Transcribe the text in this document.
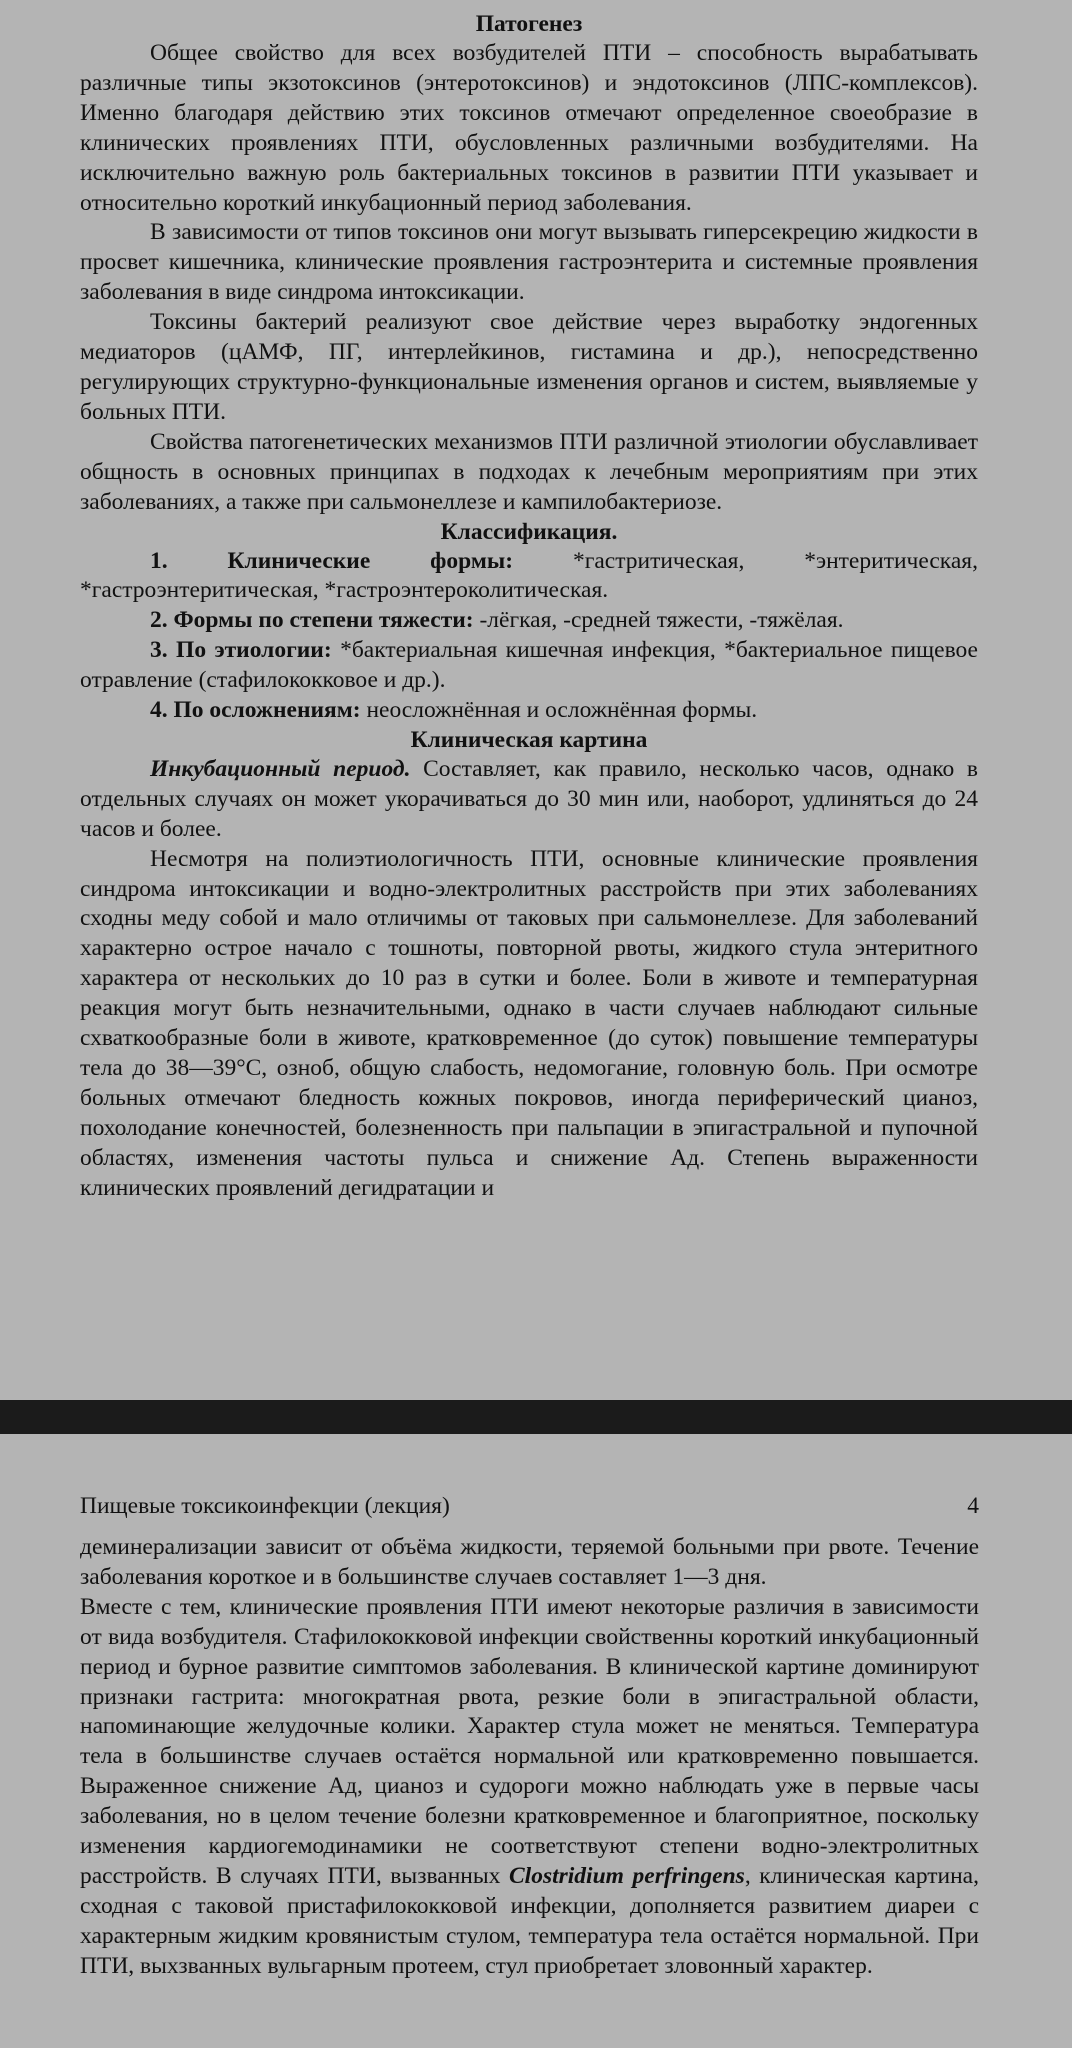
Патогенез

Общее свойство для всех возбудителей ПТИ – способность вырабатывать различные типы экзотоксинов (энтеротоксинов) и эндотоксинов (ЛПС-комплексов). Именно благодаря действию этих токсинов отмечают определенное своеобразие в клинических проявлениях ПТИ, обусловленных различными возбудителями. На исключительно важную роль бактериальных токсинов в развитии ПТИ указывает и относительно короткий инкубационный период заболевания.

В зависимости от типов токсинов они могут вызывать гиперсекрецию жидкости в просвет кишечника, клинические проявления гастроэнтерита и системные проявления заболевания в виде синдрома интоксикации.

Токсины бактерий реализуют свое действие через выработку эндогенных медиаторов (цАМФ, ПГ, интерлейкинов, гистамина и др.), непосредственно регулирующих структурно-функциональные изменения органов и систем, выявляемые у больных ПТИ.

Свойства патогенетических механизмов ПТИ различной этиологии обуславливает общность в основных принципах в подходах к лечебным мероприятиям при этих заболеваниях, а также при сальмонеллезе и кампилобактериозе.

Классификация.

1. Клинические формы: *гастритическая, *энтеритическая, *гастроэнтеритическая, *гастроэнтероколитическая.

2. Формы по степени тяжести: -лёгкая, -средней тяжести, -тяжёлая.

3. По этиологии: *бактериальная кишечная инфекция, *бактериальное пищевое отравление (стафилококковое и др.).

4. По осложнениям: неосложнённая и осложнённая формы.

Клиническая картина

Инкубационный период. Составляет, как правило, несколько часов, однако в отдельных случаях он может укорачиваться до 30 мин или, наоборот, удлиняться до 24 часов и более.

Несмотря на полиэтиологичность ПТИ, основные клинические проявления синдрома интоксикации и водно-электролитных расстройств при этих заболеваниях сходны меду собой и мало отличимы от таковых при сальмонеллезе. Для заболеваний характерно острое начало с тошноты, повторной рвоты, жидкого стула энтеритного характера от нескольких до 10 раз в сутки и более. Боли в животе и температурная реакция могут быть незначительными, однако в части случаев наблюдают сильные схваткообразные боли в животе, кратковременное (до суток) повышение температуры тела до 38—39°С, озноб, общую слабость, недомогание, головную боль. При осмотре больных отмечают бледность кожных покровов, иногда периферический цианоз, похолодание конечностей, болезненность при пальпации в эпигастральной и пупочной областях, изменения частоты пульса и снижение Ад. Степень выраженности клинических проявлений дегидратации и

Пищевые токсикоинфекции (лекция)	4

деминерализации зависит от объёма жидкости, теряемой больными при рвоте. Течение заболевания короткое и в большинстве случаев составляет 1—3 дня.

Вместе с тем, клинические проявления ПТИ имеют некоторые различия в зависимости от вида возбудителя. Стафилококковой инфекции свойственны короткий инкубационный период и бурное развитие симптомов заболевания. В клинической картине доминируют признаки гастрита: многократная рвота, резкие боли в эпигастральной области, напоминающие желудочные колики. Характер стула может не меняться. Температура тела в большинстве случаев остаётся нормальной или кратковременно повышается. Выраженное снижение Ад, цианоз и судороги можно наблюдать уже в первые часы заболевания, но в целом течение болезни кратковременное и благоприятное, поскольку изменения кардиогемодинамики не соответствуют степени водно-электролитных расстройств. В случаях ПТИ, вызванных Clostridium perfringens, клиническая картина, сходная с таковой пристафилококковой инфекции, дополняется развитием диареи с характерным жидким кровянистым стулом, температура тела остаётся нормальной. При ПТИ, выхзванных вульгарным протеем, стул приобретает зловонный характер.
